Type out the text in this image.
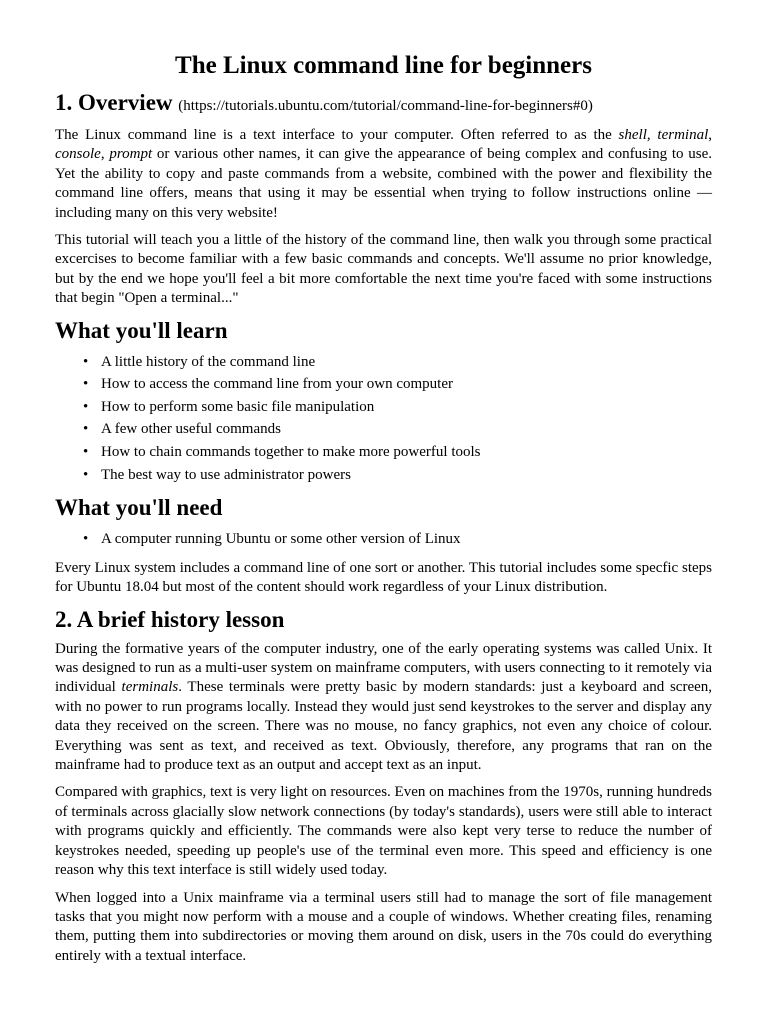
The Linux command line for beginners
1. Overview (https://tutorials.ubuntu.com/tutorial/command-line-for-beginners#0)

The Linux command line is a text interface to your computer. Often referred to as the shell, terminal, console, prompt or various other names, it can give the appearance of being complex and confusing to use. Yet the ability to copy and paste commands from a website, combined with the power and flexibility the command line offers, means that using it may be essential when trying to follow instructions online — including many on this very website!

This tutorial will teach you a little of the history of the command line, then walk you through some practical excercises to become familiar with a few basic commands and concepts. We'll assume no prior knowledge, but by the end we hope you'll feel a bit more comfortable the next time you're faced with some instructions that begin "Open a terminal..."

What you'll learn
• A little history of the command line
• How to access the command line from your own computer
• How to perform some basic file manipulation
• A few other useful commands
• How to chain commands together to make more powerful tools
• The best way to use administrator powers
What you'll need
• A computer running Ubuntu or some other version of Linux

Every Linux system includes a command line of one sort or another. This tutorial includes some specfic steps for Ubuntu 18.04 but most of the content should work regardless of your Linux distribution.

2. A brief history lesson

During the formative years of the computer industry, one of the early operating systems was called Unix. It was designed to run as a multi-user system on mainframe computers, with users connecting to it remotely via individual terminals. These terminals were pretty basic by modern standards: just a keyboard and screen, with no power to run programs locally. Instead they would just send keystrokes to the server and display any data they received on the screen. There was no mouse, no fancy graphics, not even any choice of colour. Everything was sent as text, and received as text. Obviously, therefore, any programs that ran on the mainframe had to produce text as an output and accept text as an input.

Compared with graphics, text is very light on resources. Even on machines from the 1970s, running hundreds of terminals across glacially slow network connections (by today's standards), users were still able to interact with programs quickly and efficiently. The commands were also kept very terse to reduce the number of keystrokes needed, speeding up people's use of the terminal even more. This speed and efficiency is one reason why this text interface is still widely used today.

When logged into a Unix mainframe via a terminal users still had to manage the sort of file management tasks that you might now perform with a mouse and a couple of windows. Whether creating files, renaming them, putting them into subdirectories or moving them around on disk, users in the 70s could do everything entirely with a textual interface.
